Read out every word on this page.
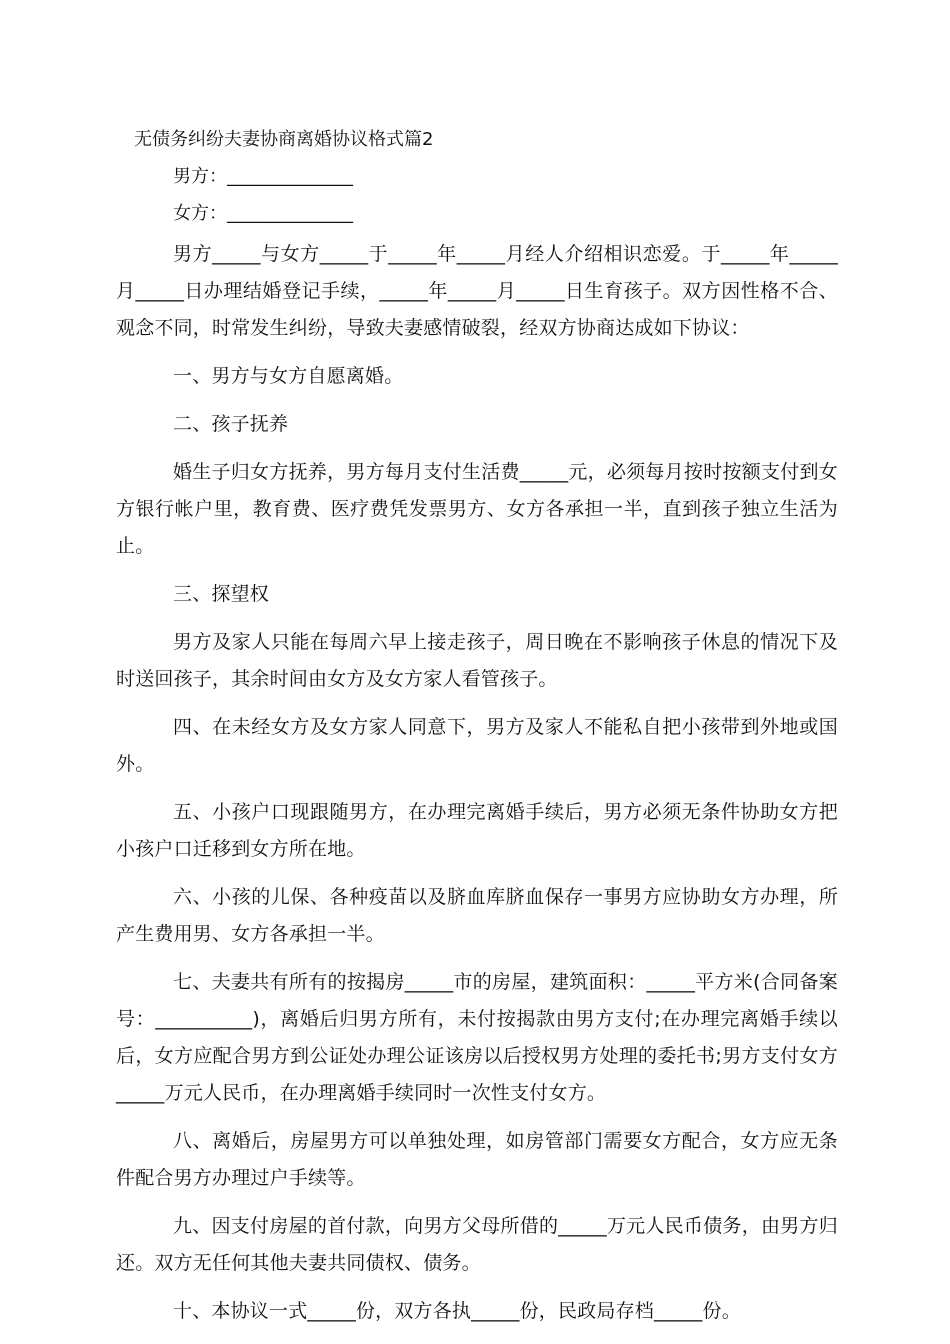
无债务纠纷夫妻协商离婚协议格式篇2
男方：______________
女方：______________

男方_____与女方_____于_____年_____月经人介绍相识恋爱。于_____年_____月_____日办理结婚登记手续，_____年_____月_____日生育孩子。双方因性格不合、观念不同，时常发生纠纷，导致夫妻感情破裂，经双方协商达成如下协议：

一、男方与女方自愿离婚。

二、孩子抚养

婚生子归女方抚养，男方每月支付生活费_____元，必须每月按时按额支付到女方银行帐户里，教育费、医疗费凭发票男方、女方各承担一半，直到孩子独立生活为止。

三、探望权

男方及家人只能在每周六早上接走孩子，周日晚在不影响孩子休息的情况下及时送回孩子，其余时间由女方及女方家人看管孩子。

四、在未经女方及女方家人同意下，男方及家人不能私自把小孩带到外地或国外。

五、小孩户口现跟随男方，在办理完离婚手续后，男方必须无条件协助女方把小孩户口迁移到女方所在地。

六、小孩的儿保、各种疫苗以及脐血库脐血保存一事男方应协助女方办理，所产生费用男、女方各承担一半。

七、夫妻共有所有的按揭房_____市的房屋，建筑面积：_____平方米(合同备案号：__________)，离婚后归男方所有，未付按揭款由男方支付;在办理完离婚手续以后，女方应配合男方到公证处办理公证该房以后授权男方处理的委托书;男方支付女方_____万元人民币，在办理离婚手续同时一次性支付女方。

八、离婚后，房屋男方可以单独处理，如房管部门需要女方配合，女方应无条件配合男方办理过户手续等。

九、因支付房屋的首付款，向男方父母所借的_____万元人民币债务，由男方归还。双方无任何其他夫妻共同债权、债务。

十、本协议一式_____份，双方各执_____份，民政局存档_____份。
